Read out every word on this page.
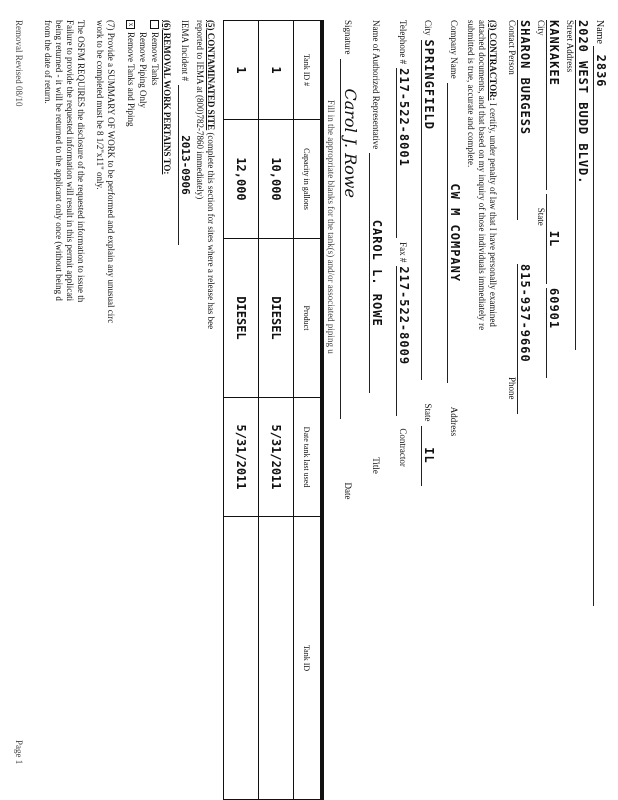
Name  2836
2020 WEST BUDD BLVD.
Street Address
KANKAKEE IL 60901
City State
SHARON BURGESS 815-937-9660
Contact Person Phone
(3) CONTRACTOR: I certify, under penalty of law that I have personally examined
attached documents, and that based on my inquiry of those individuals immediately re
submitted is true, accurate and complete.
Company Name CW M COMPANY Address
City SPRINGFIELD State IL
Telephone # 217-522-8001 Fax # 217-522-8009 Contractor
Name of Authorized Representative CAROL L. ROWE Title
Signature Carol J. Rowe Date
Fill in the appropriate blanks for the tank(s) and/or associated piping u
Tank ID #	Capacity in gallons	Product	Date tank last used	Tank ID
1	10,000	DIESEL	5/31/2011	
1	12,000	DIESEL	5/31/2011	
(5) CONTAMINATED SITE (complete this section for sites where a release has bee
reported to IEMA at (800)782-7860 immediately)
IEMA Incident # 2013-0906
(6) REMOVAL WORK PERTAINS TO:
Remove Tanks
Remove Piping Only
xRemove Tanks and Piping
(7) Provide a SUMMARY OF WORK to be performed and explain any unusual circ
work to be completed must be 8 1/2"x11" only.
The OSFM REQUIRES the disclosure of the requested information to issue th
Failure to provide the requested information will result in this permit applicati
being returned - it will be returned to the applicant only once (without being d
from the date of return.
Removal Revised 08/10
Page 1
